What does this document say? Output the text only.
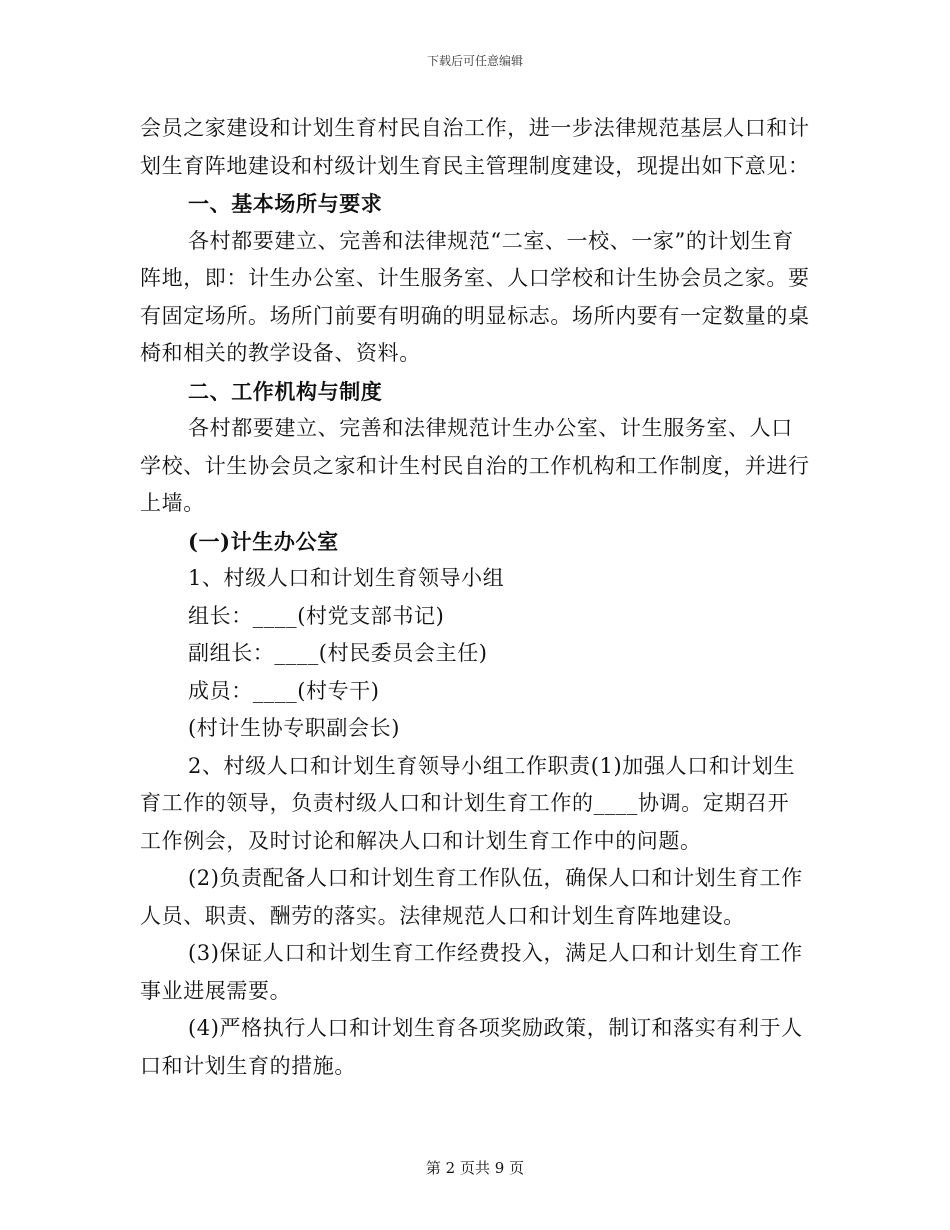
下载后可任意编辑

会员之家建设和计划生育村民自治工作，进一步法律规范基层人口和计划生育阵地建设和村级计划生育民主管理制度建设，现提出如下意见：

一、基本场所与要求

各村都要建立、完善和法律规范“二室、一校、一家”的计划生育阵地，即：计生办公室、计生服务室、人口学校和计生协会员之家。要有固定场所。场所门前要有明确的明显标志。场所内要有一定数量的桌椅和相关的教学设备、资料。

二、工作机构与制度

各村都要建立、完善和法律规范计生办公室、计生服务室、人口学校、计生协会员之家和计生村民自治的工作机构和工作制度，并进行上墙。

(一)计生办公室

1、村级人口和计划生育领导小组

组长：____(村党支部书记)

副组长：____(村民委员会主任)

成员：____(村专干)

(村计生协专职副会长)

2、村级人口和计划生育领导小组工作职责(1)加强人口和计划生育工作的领导，负责村级人口和计划生育工作的____协调。定期召开工作例会，及时讨论和解决人口和计划生育工作中的问题。

(2)负责配备人口和计划生育工作队伍，确保人口和计划生育工作人员、职责、酬劳的落实。法律规范人口和计划生育阵地建设。

(3)保证人口和计划生育工作经费投入，满足人口和计划生育工作事业进展需要。

(4)严格执行人口和计划生育各项奖励政策，制订和落实有利于人口和计划生育的措施。

第 2 页共 9 页
